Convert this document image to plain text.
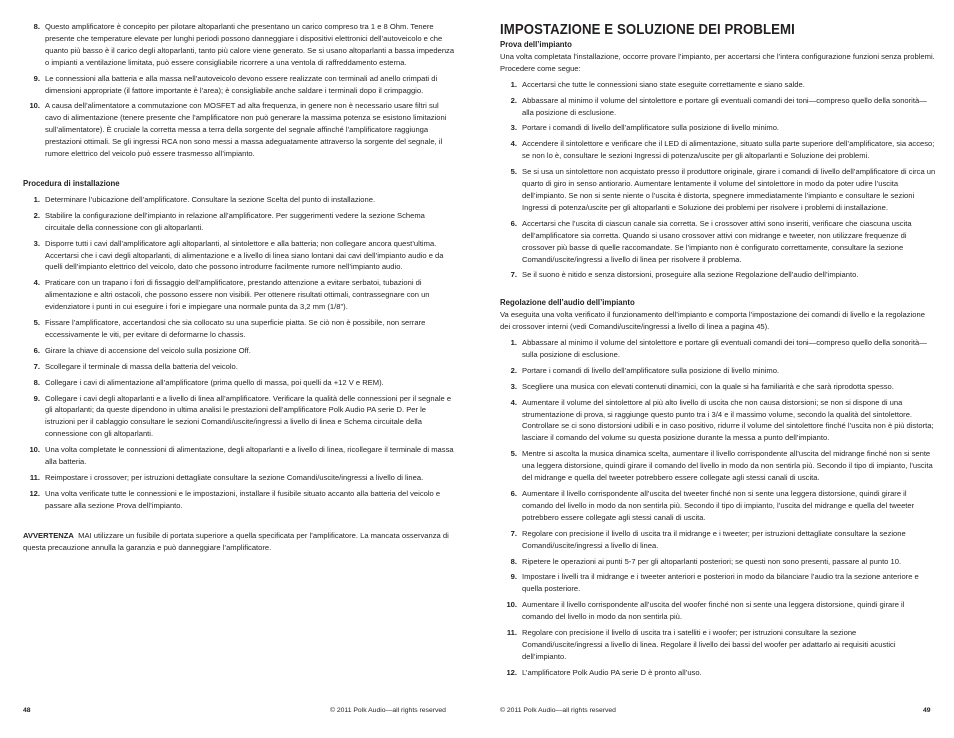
8. Questo amplificatore è concepito per pilotare altoparlanti che presentano un carico compreso tra 1 e 8 Ohm. Tenere presente che temperature elevate per lunghi periodi possono danneggiare i dispositivi elettronici dell’autoveicolo e che quanto più basso è il carico degli altoparlanti, tanto più calore viene generato. Se si usano altoparlanti a bassa impedenza o impianti a ventilazione limitata, può essere consigliabile ricorrere a una ventola di raffreddamento esterna.
9. Le connessioni alla batteria e alla massa nell’autoveicolo devono essere realizzate con terminali ad anello crimpati di dimensioni appropriate (il fattore importante è l’area); è consigliabile anche saldare i terminali dopo il crimpaggio.
10. A causa dell’alimentatore a commutazione con MOSFET ad alta frequenza, in genere non è necessario usare filtri sul cavo di alimentazione (tenere presente che l’amplificatore non può generare la massima potenza se esistono limitazioni sull’alimentatore). È cruciale la corretta messa a terra della sorgente del segnale affinché l’amplificatore raggiunga prestazioni ottimali. Se gli ingressi RCA non sono messi a massa adeguatamente attraverso la sorgente del segnale, il rumore elettrico del veicolo può essere trasmesso all’impianto.
Procedura di installazione
1. Determinare l’ubicazione dell’amplificatore. Consultare la sezione Scelta del punto di installazione.
2. Stabilire la configurazione dell’impianto in relazione all’amplificatore. Per suggerimenti vedere la sezione Schema circuitale della connessione con gli altoparlanti.
3. Disporre tutti i cavi dall’amplificatore agli altoparlanti, al sintolettore e alla batteria; non collegare ancora quest’ultima. Accertarsi che i cavi degli altoparlanti, di alimentazione e a livello di linea siano lontani dai cavi dell’impianto audio e da quelli dell’impianto elettrico del veicolo, dato che possono introdurre facilmente rumore nell’impianto audio.
4. Praticare con un trapano i fori di fissaggio dell’amplificatore, prestando attenzione a evitare serbatoi, tubazioni di alimentazione e altri ostacoli, che possono essere non visibili. Per ottenere risultati ottimali, contrassegnare con un evidenziatore i punti in cui eseguire i fori e impiegare una normale punta da 3,2 mm (1/8").
5. Fissare l’amplificatore, accertandosi che sia collocato su una superficie piatta. Se ciò non è possibile, non serrare eccessivamente le viti, per evitare di deformarne lo chassis.
6. Girare la chiave di accensione del veicolo sulla posizione Off.
7. Scollegare il terminale di massa della batteria del veicolo.
8. Collegare i cavi di alimentazione all’amplificatore (prima quello di massa, poi quelli da +12 V e REM).
9. Collegare i cavi degli altoparlanti e a livello di linea all’amplificatore. Verificare la qualità delle connessioni per il segnale e gli altoparlanti; da queste dipendono in ultima analisi le prestazioni dell’amplificatore Polk Audio PA serie D. Per le istruzioni per il cablaggio consultare le sezioni Comandi/uscite/ingressi a livello di linea e Schema circuitale della connessione con gli altoparlanti.
10. Una volta completate le connessioni di alimentazione, degli altoparlanti e a livello di linea, ricollegare il terminale di massa alla batteria.
11. Reimpostare i crossover; per istruzioni dettagliate consultare la sezione Comandi/uscite/ingressi a livello di linea.
12. Una volta verificate tutte le connessioni e le impostazioni, installare il fusibile situato accanto alla batteria del veicolo e passare alla sezione Prova dell’impianto.
AVVERTENZA MAI utilizzare un fusibile di portata superiore a quella specificata per l’amplificatore. La mancata osservanza di questa precauzione annulla la garanzia e può danneggiare l’amplificatore.
48	© 2011 Polk Audio—all rights reserved
IMPOSTAZIONE E SOLUZIONE DEI PROBLEMI
Prova dell’impianto
Una volta completata l’installazione, occorre provare l’impianto, per accertarsi che l’intera configurazione funzioni senza problemi. Procedere come segue:
1. Accertarsi che tutte le connessioni siano state eseguite correttamente e siano salde.
2. Abbassare al minimo il volume del sintolettore e portare gli eventuali comandi dei toni—compreso quello della sonorità—alla posizione di esclusione.
3. Portare i comandi di livello dell’amplificatore sulla posizione di livello minimo.
4. Accendere il sintolettore e verificare che il LED di alimentazione, situato sulla parte superiore dell’amplificatore, sia acceso; se non lo è, consultare le sezioni Ingressi di potenza/uscite per gli altoparlanti e Soluzione dei problemi.
5. Se si usa un sintolettore non acquistato presso il produttore originale, girare i comandi di livello dell’amplificatore di circa un quarto di giro in senso antiorario. Aumentare lentamente il volume del sintolettore in modo da poter udire l’uscita dell’impianto. Se non si sente niente o l’uscita è distorta, spegnere immediatamente l’impianto e consultare le sezioni Ingressi di potenza/uscite per gli altoparlanti e Soluzione dei problemi per risolvere i problemi di installazione.
6. Accertarsi che l’uscita di ciascun canale sia corretta. Se i crossover attivi sono inseriti, verificare che ciascuna uscita dell’amplificatore sia corretta. Quando si usano crossover attivi con midrange e tweeter, non utilizzare frequenze di crossover più basse di quelle raccomandate. Se l’impianto non è configurato correttamente, consultare la sezione Comandi/uscite/ingressi a livello di linea per risolvere il problema.
7. Se il suono è nitido e senza distorsioni, proseguire alla sezione Regolazione dell’audio dell’impianto.
Regolazione dell’audio dell’impianto
Va eseguita una volta verificato il funzionamento dell’impianto e comporta l’impostazione dei comandi di livello e la regolazione dei crossover interni (vedi Comandi/uscite/ingressi a livello di linea a pagina 45).
1. Abbassare al minimo il volume del sintolettore e portare gli eventuali comandi dei toni—compreso quello della sonorità—sulla posizione di esclusione.
2. Portare i comandi di livello dell’amplificatore sulla posizione di livello minimo.
3. Scegliere una musica con elevati contenuti dinamici, con la quale si ha familiarità e che sarà riprodotta spesso.
4. Aumentare il volume del sintolettore al più alto livello di uscita che non causa distorsioni; se non si dispone di una strumentazione di prova, si raggiunge questo punto tra i 3/4 e il massimo volume, secondo la qualità del sintolettore. Controllare se ci sono distorsioni udibili e in caso positivo, ridurre il volume del sintolettore finché l’uscita non è più distorta; lasciare il comando del volume su questa posizione durante la messa a punto dell’impianto.
5. Mentre si ascolta la musica dinamica scelta, aumentare il livello corrispondente all’uscita del midrange finché non si sente una leggera distorsione, quindi girare il comando del livello in modo da non sentirla più. Secondo il tipo di impianto, l’uscita del midrange e quella del tweeter potrebbero essere collegate agli stessi canali di uscita.
6. Aumentare il livello corrispondente all’uscita del tweeter finché non si sente una leggera distorsione, quindi girare il comando del livello in modo da non sentirla più. Secondo il tipo di impianto, l’uscita del midrange e quella del tweeter potrebbero essere collegate agli stessi canali di uscita.
7. Regolare con precisione il livello di uscita tra il midrange e i tweeter; per istruzioni dettagliate consultare la sezione Comandi/uscite/ingressi a livello di linea.
8. Ripetere le operazioni ai punti 5-7 per gli altoparlanti posteriori; se questi non sono presenti, passare al punto 10.
9. Impostare i livelli tra il midrange e i tweeter anteriori e posteriori in modo da bilanciare l’audio tra la sezione anteriore e quella posteriore.
10. Aumentare il livello corrispondente all’uscita del woofer finché non si sente una leggera distorsione, quindi girare il comando del livello in modo da non sentirla più.
11. Regolare con precisione il livello di uscita tra i satelliti e i woofer; per istruzioni consultare la sezione Comandi/uscite/ingressi a livello di linea. Regolare il livello dei bassi del woofer per adattarlo ai requisiti acustici dell’impianto.
12. L’amplificatore Polk Audio PA serie D è pronto all’uso.
© 2011 Polk Audio—all rights reserved	49
